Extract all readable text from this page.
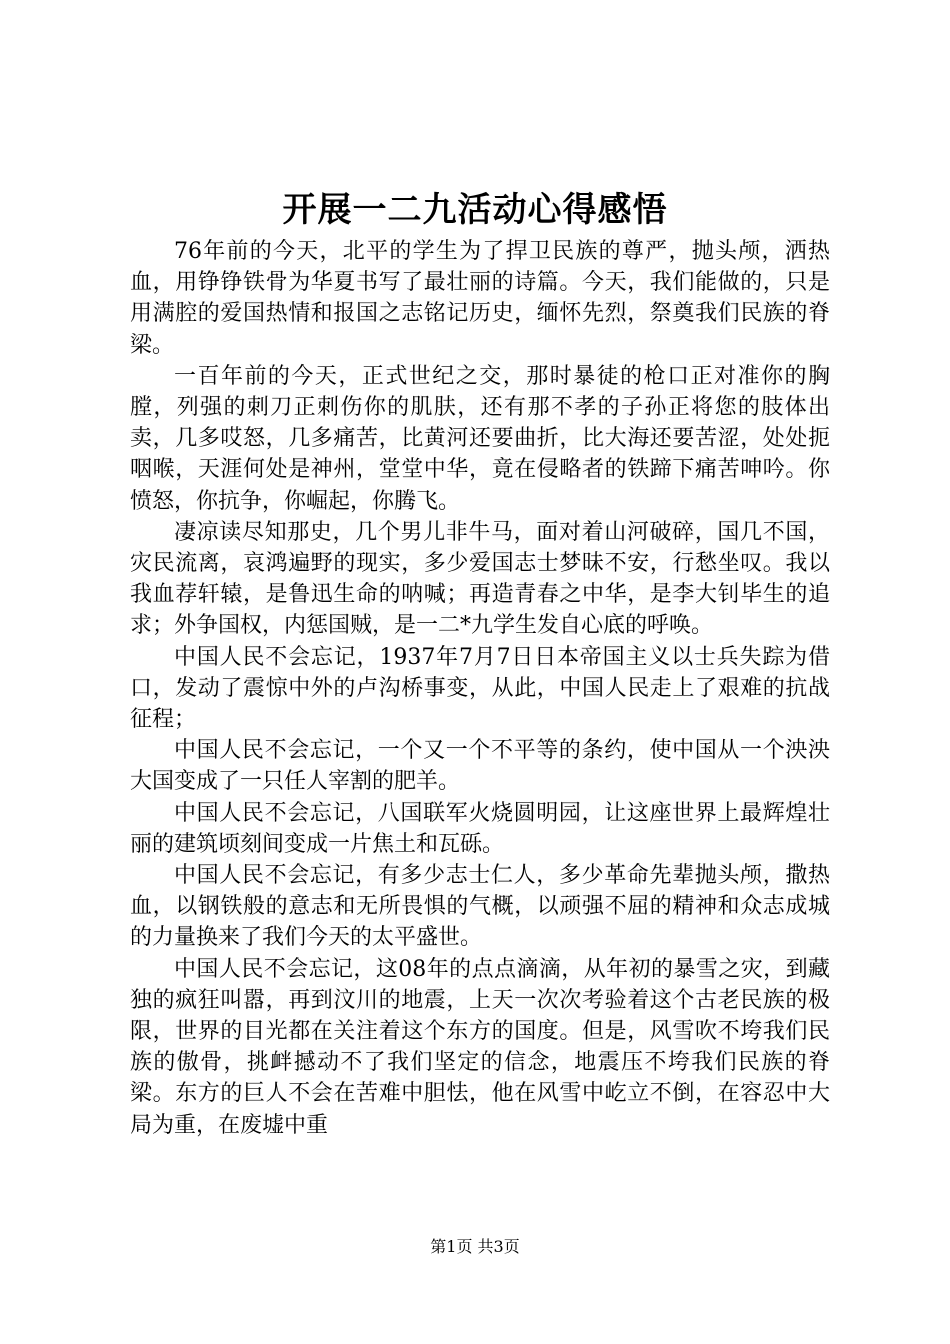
开展一二九活动心得感悟

76年前的今天，北平的学生为了捍卫民族的尊严，抛头颅，洒热血，用铮铮铁骨为华夏书写了最壮丽的诗篇。今天，我们能做的，只是用满腔的爱国热情和报国之志铭记历史，缅怀先烈，祭奠我们民族的脊梁。

一百年前的今天，正式世纪之交，那时暴徒的枪口正对准你的胸膛，列强的刺刀正刺伤你的肌肤，还有那不孝的子孙正将您的肢体出卖，几多哎怒，几多痛苦，比黄河还要曲折，比大海还要苦涩，处处扼咽喉，天涯何处是神州，堂堂中华，竟在侵略者的铁蹄下痛苦呻吟。你愤怒，你抗争，你崛起，你腾飞。

凄凉读尽知那史，几个男儿非牛马，面对着山河破碎，国几不国，灾民流离，哀鸿遍野的现实，多少爱国志士梦昧不安，行愁坐叹。我以我血荐轩辕，是鲁迅生命的呐喊；再造青春之中华，是李大钊毕生的追求；外争国权，内惩国贼，是一二*九学生发自心底的呼唤。

中国人民不会忘记，1937年7月7日日本帝国主义以士兵失踪为借口，发动了震惊中外的卢沟桥事变，从此，中国人民走上了艰难的抗战征程；

中国人民不会忘记，一个又一个不平等的条约，使中国从一个泱泱大国变成了一只任人宰割的肥羊。

中国人民不会忘记，八国联军火烧圆明园，让这座世界上最辉煌壮丽的建筑顷刻间变成一片焦土和瓦砾。

中国人民不会忘记，有多少志士仁人，多少革命先辈抛头颅，撒热血，以钢铁般的意志和无所畏惧的气概，以顽强不屈的精神和众志成城的力量换来了我们今天的太平盛世。

中国人民不会忘记，这08年的点点滴滴，从年初的暴雪之灾，到藏独的疯狂叫嚣，再到汶川的地震，上天一次次考验着这个古老民族的极限，世界的目光都在关注着这个东方的国度。但是，风雪吹不垮我们民族的傲骨，挑衅撼动不了我们坚定的信念，地震压不垮我们民族的脊梁。东方的巨人不会在苦难中胆怯，他在风雪中屹立不倒，在容忍中大局为重，在废墟中重

第1页 共3页
